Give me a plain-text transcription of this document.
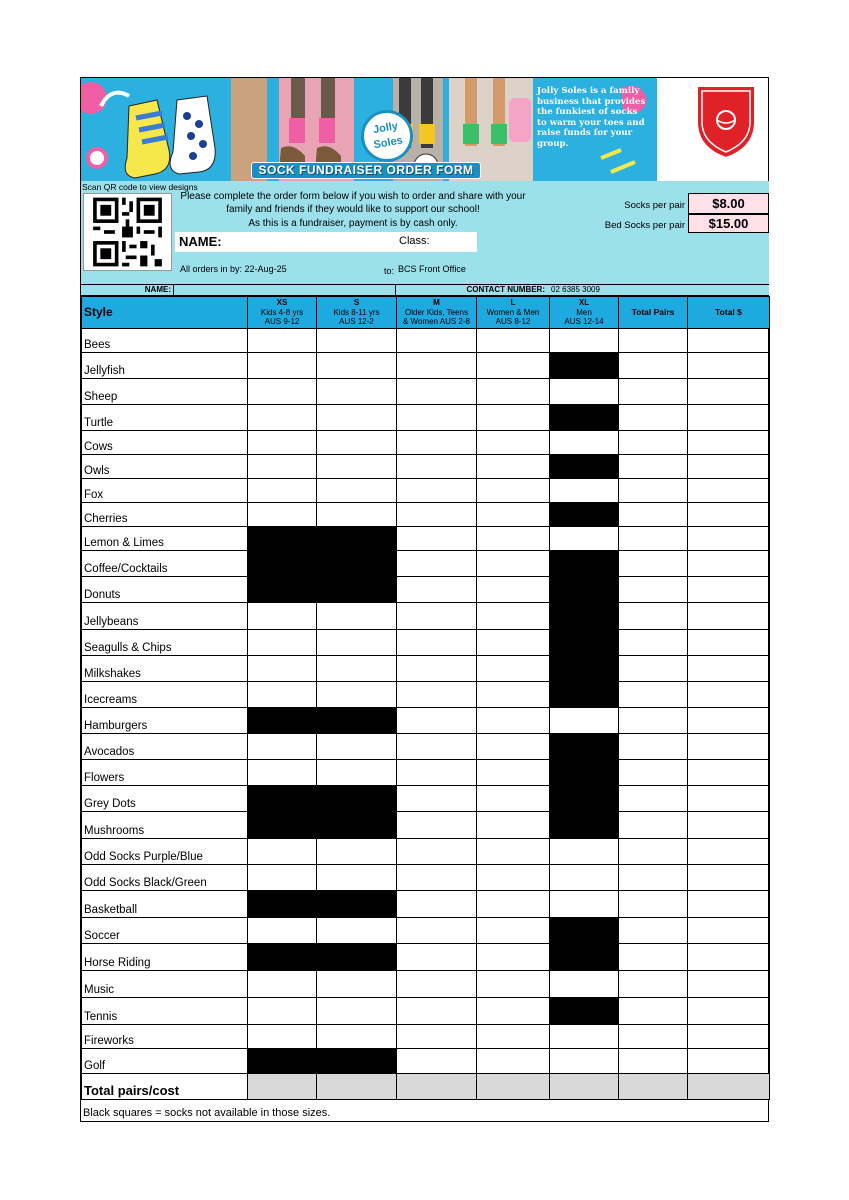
Jolly Soles
Jolly Soles is a family business that provides the funkiest of socks to warm your toes and raise funds for your group.
SOCK FUNDRAISER ORDER FORM
Scan QR code to view designs
Please complete the order form below if you wish to order and share with your family and friends if they would like to support our school!
As this is a fundraiser, payment is by cash only.
NAME:	Class:
All orders in by: 22-Aug-25	to: BCS Front Office
Socks per pair	$8.00
Bed Socks per pair	$15.00
NAME:	CONTACT NUMBER: 02 6385 3009
Style	XS
Kids 4-8 yrs
AUS 9-12	S
Kids 8-11 yrs
AUS 12-2	M
Older Kids, Teens
& Women AUS 2-8	L
Women & Men
AUS 8-12	XL
Men
AUS 12-14	Total Pairs	Total $
Bees							
Jellyfish							
Sheep							
Turtle							
Cows							
Owls							
Fox							
Cherries							
Lemon & Limes							
Coffee/Cocktails							
Donuts							
Jellybeans							
Seagulls & Chips							
Milkshakes							
Icecreams							
Hamburgers							
Avocados							
Flowers							
Grey Dots							
Mushrooms							
Odd Socks Purple/Blue							
Odd Socks Black/Green							
Basketball							
Soccer							
Horse Riding							
Music							
Tennis							
Fireworks							
Golf							
Total pairs/cost							
Black squares = socks not available in those sizes.
